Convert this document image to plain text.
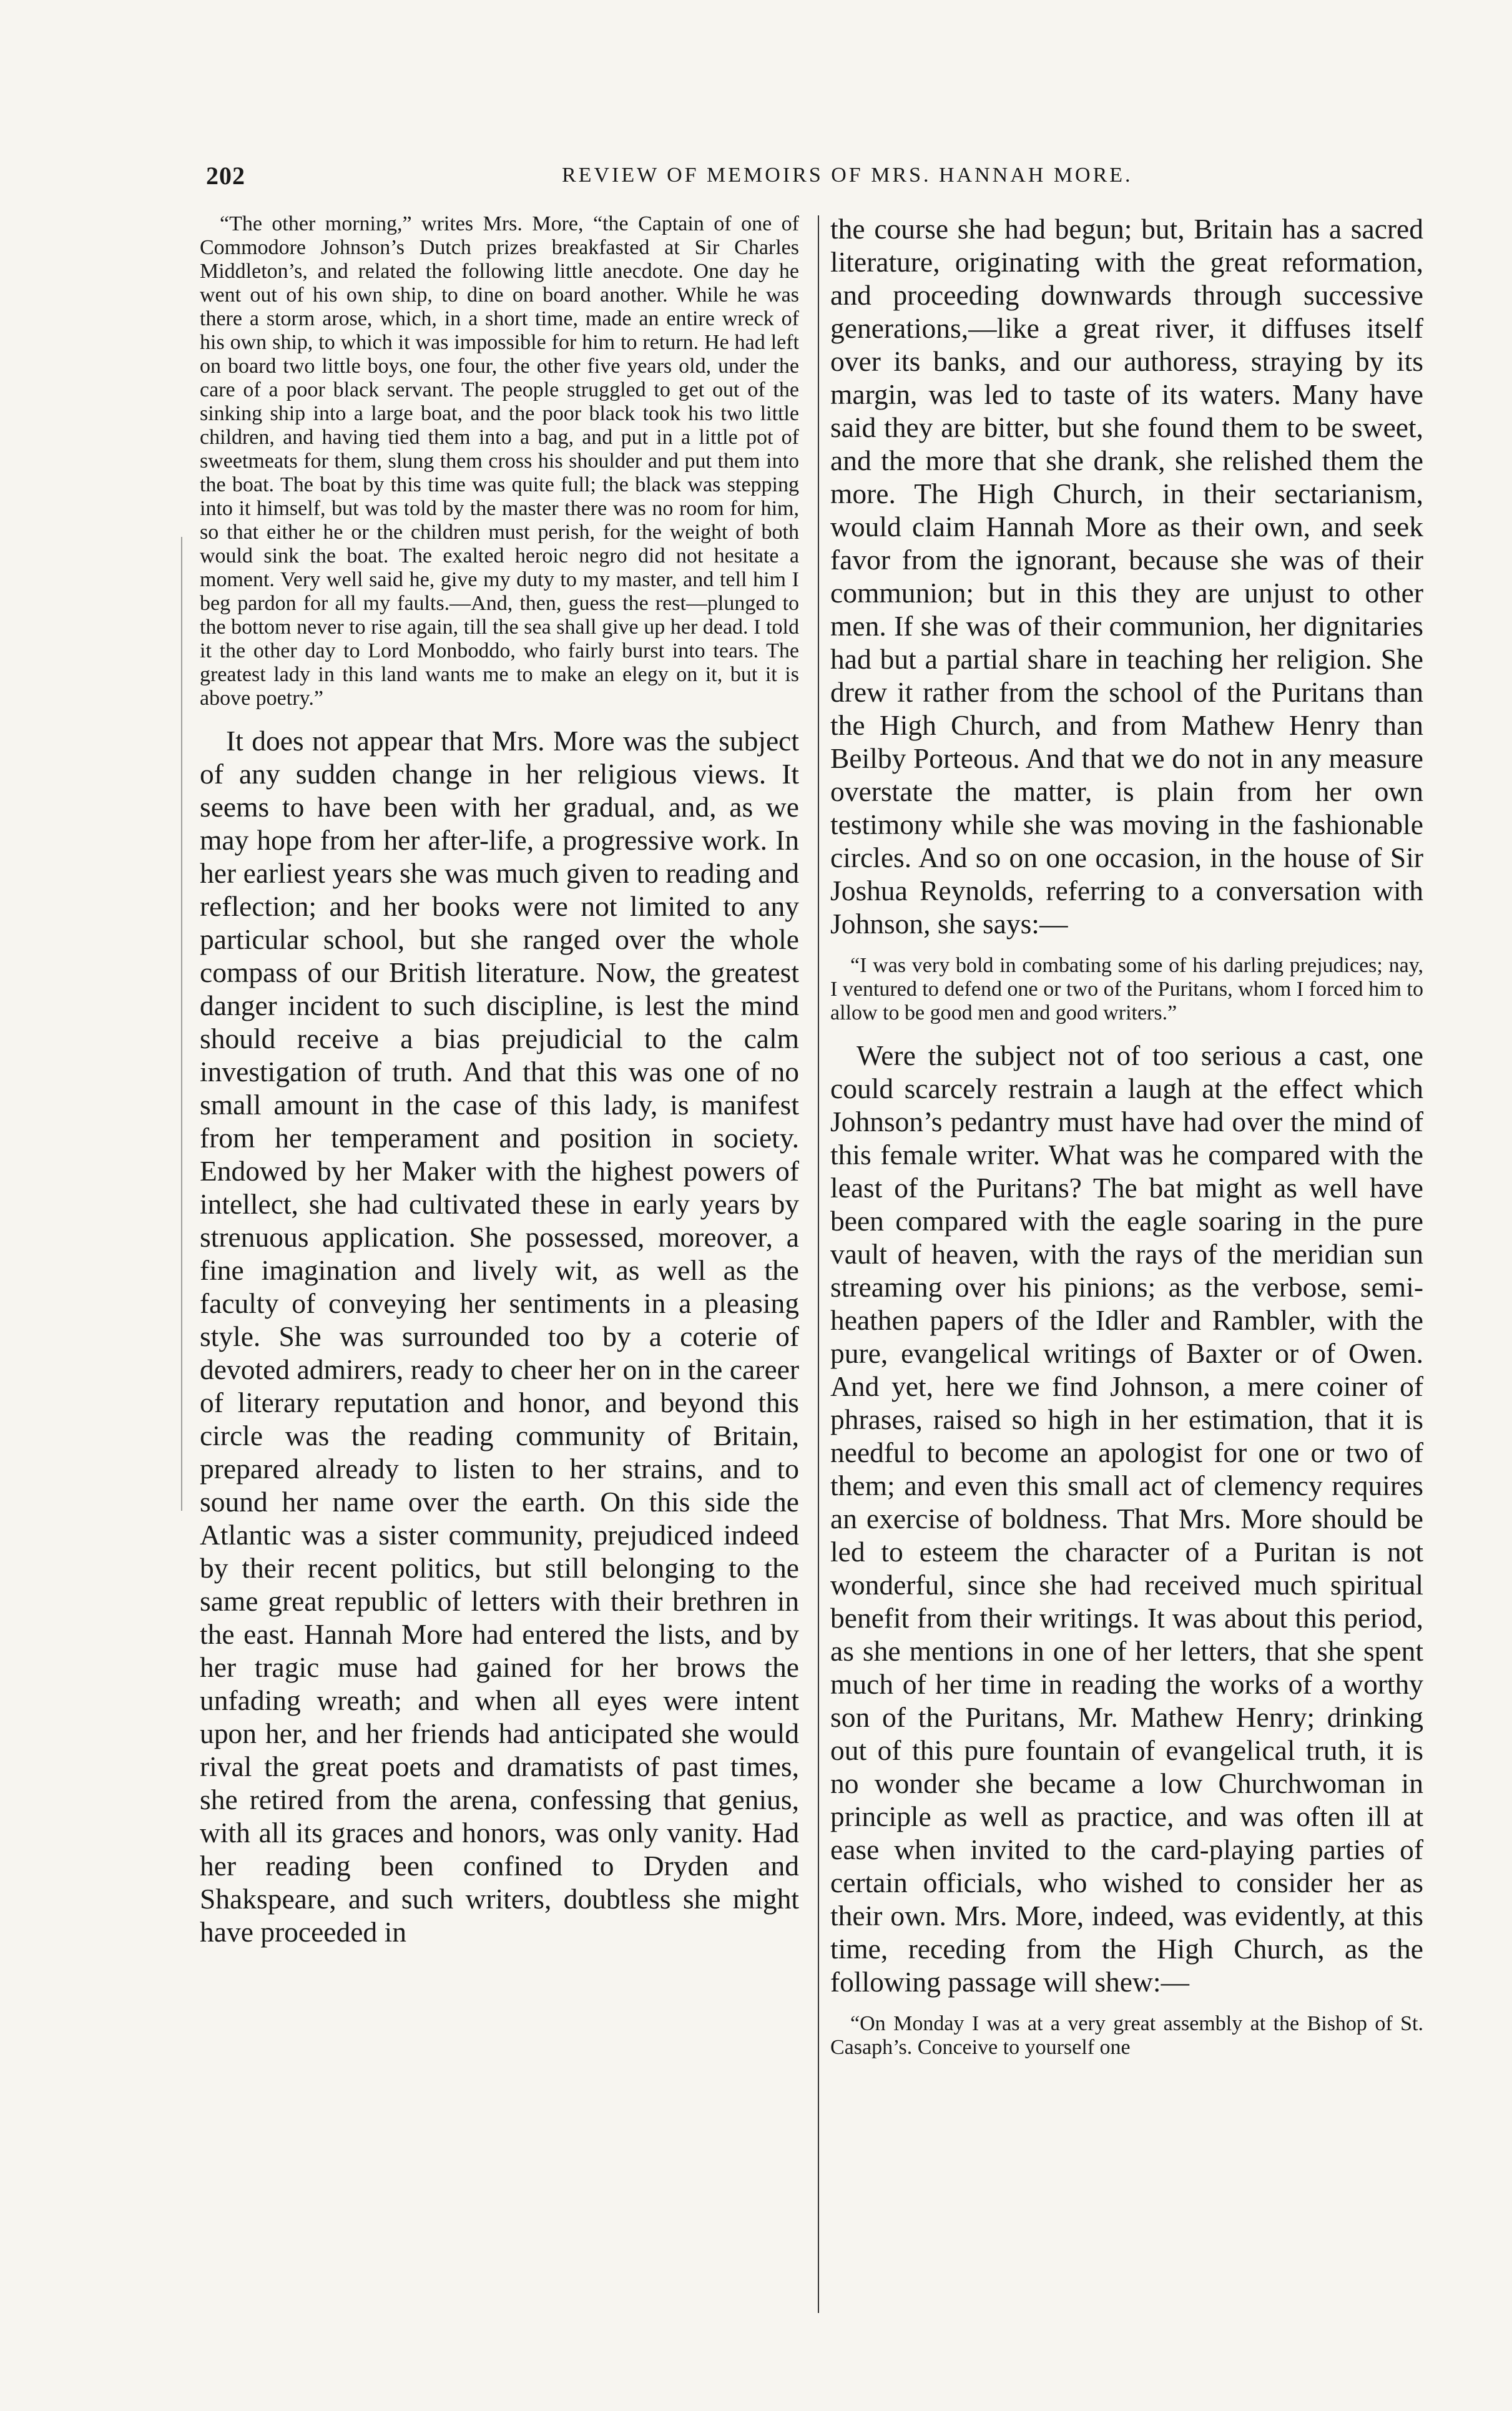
202	REVIEW OF MEMOIRS OF MRS. HANNAH MORE.

“The other morning,” writes Mrs. More, “the Captain of one of Commodore Johnson’s Dutch prizes breakfasted at Sir Charles Middleton’s, and related the following little anecdote. One day he went out of his own ship, to dine on board another. While he was there a storm arose, which, in a short time, made an entire wreck of his own ship, to which it was impossible for him to return. He had left on board two little boys, one four, the other five years old, under the care of a poor black servant. The people struggled to get out of the sinking ship into a large boat, and the poor black took his two little children, and having tied them into a bag, and put in a little pot of sweetmeats for them, slung them cross his shoulder and put them into the boat. The boat by this time was quite full; the black was stepping into it himself, but was told by the master there was no room for him, so that either he or the children must perish, for the weight of both would sink the boat. The exalted heroic negro did not hesitate a moment. Very well said he, give my duty to my master, and tell him I beg pardon for all my faults.—And, then, guess the rest—plunged to the bottom never to rise again, till the sea shall give up her dead. I told it the other day to Lord Monboddo, who fairly burst into tears. The greatest lady in this land wants me to make an elegy on it, but it is above poetry.”

It does not appear that Mrs. More was the subject of any sudden change in her religious views. It seems to have been with her gradual, and, as we may hope from her after-life, a progressive work. In her earliest years she was much given to reading and reflection; and her books were not limited to any particular school, but she ranged over the whole compass of our British literature. Now, the greatest danger incident to such discipline, is lest the mind should receive a bias prejudicial to the calm investigation of truth. And that this was one of no small amount in the case of this lady, is manifest from her temperament and position in society. Endowed by her Maker with the highest powers of intellect, she had cultivated these in early years by strenuous application. She possessed, moreover, a fine imagination and lively wit, as well as the faculty of conveying her sentiments in a pleasing style. She was surrounded too by a coterie of devoted admirers, ready to cheer her on in the career of literary reputation and honor, and beyond this circle was the reading community of Britain, prepared already to listen to her strains, and to sound her name over the earth. On this side the Atlantic was a sister community, prejudiced indeed by their recent politics, but still belonging to the same great republic of letters with their brethren in the east. Hannah More had entered the lists, and by her tragic muse had gained for her brows the unfading wreath; and when all eyes were intent upon her, and her friends had anticipated she would rival the great poets and dramatists of past times, she retired from the arena, confessing that genius, with all its graces and honors, was only vanity. Had her reading been confined to Dryden and Shakspeare, and such writers, doubtless she might have proceeded in

the course she had begun; but, Britain has a sacred literature, originating with the great reformation, and proceeding downwards through successive generations,—like a great river, it diffuses itself over its banks, and our authoress, straying by its margin, was led to taste of its waters. Many have said they are bitter, but she found them to be sweet, and the more that she drank, she relished them the more. The High Church, in their sectarianism, would claim Hannah More as their own, and seek favor from the ignorant, because she was of their communion; but in this they are unjust to other men. If she was of their communion, her dignitaries had but a partial share in teaching her religion. She drew it rather from the school of the Puritans than the High Church, and from Mathew Henry than Beilby Porteous. And that we do not in any measure overstate the matter, is plain from her own testimony while she was moving in the fashionable circles. And so on one occasion, in the house of Sir Joshua Reynolds, referring to a conversation with Johnson, she says:—

“I was very bold in combating some of his darling prejudices; nay, I ventured to defend one or two of the Puritans, whom I forced him to allow to be good men and good writers.”

Were the subject not of too serious a cast, one could scarcely restrain a laugh at the effect which Johnson’s pedantry must have had over the mind of this female writer. What was he compared with the least of the Puritans? The bat might as well have been compared with the eagle soaring in the pure vault of heaven, with the rays of the meridian sun streaming over his pinions; as the verbose, semi-heathen papers of the Idler and Rambler, with the pure, evangelical writings of Baxter or of Owen. And yet, here we find Johnson, a mere coiner of phrases, raised so high in her estimation, that it is needful to become an apologist for one or two of them; and even this small act of clemency requires an exercise of boldness. That Mrs. More should be led to esteem the character of a Puritan is not wonderful, since she had received much spiritual benefit from their writings. It was about this period, as she mentions in one of her letters, that she spent much of her time in reading the works of a worthy son of the Puritans, Mr. Mathew Henry; drinking out of this pure fountain of evangelical truth, it is no wonder she became a low Churchwoman in principle as well as practice, and was often ill at ease when invited to the card-playing parties of certain officials, who wished to consider her as their own. Mrs. More, indeed, was evidently, at this time, receding from the High Church, as the following passage will shew:—

“On Monday I was at a very great assembly at the Bishop of St. Casaph’s. Conceive to yourself one
